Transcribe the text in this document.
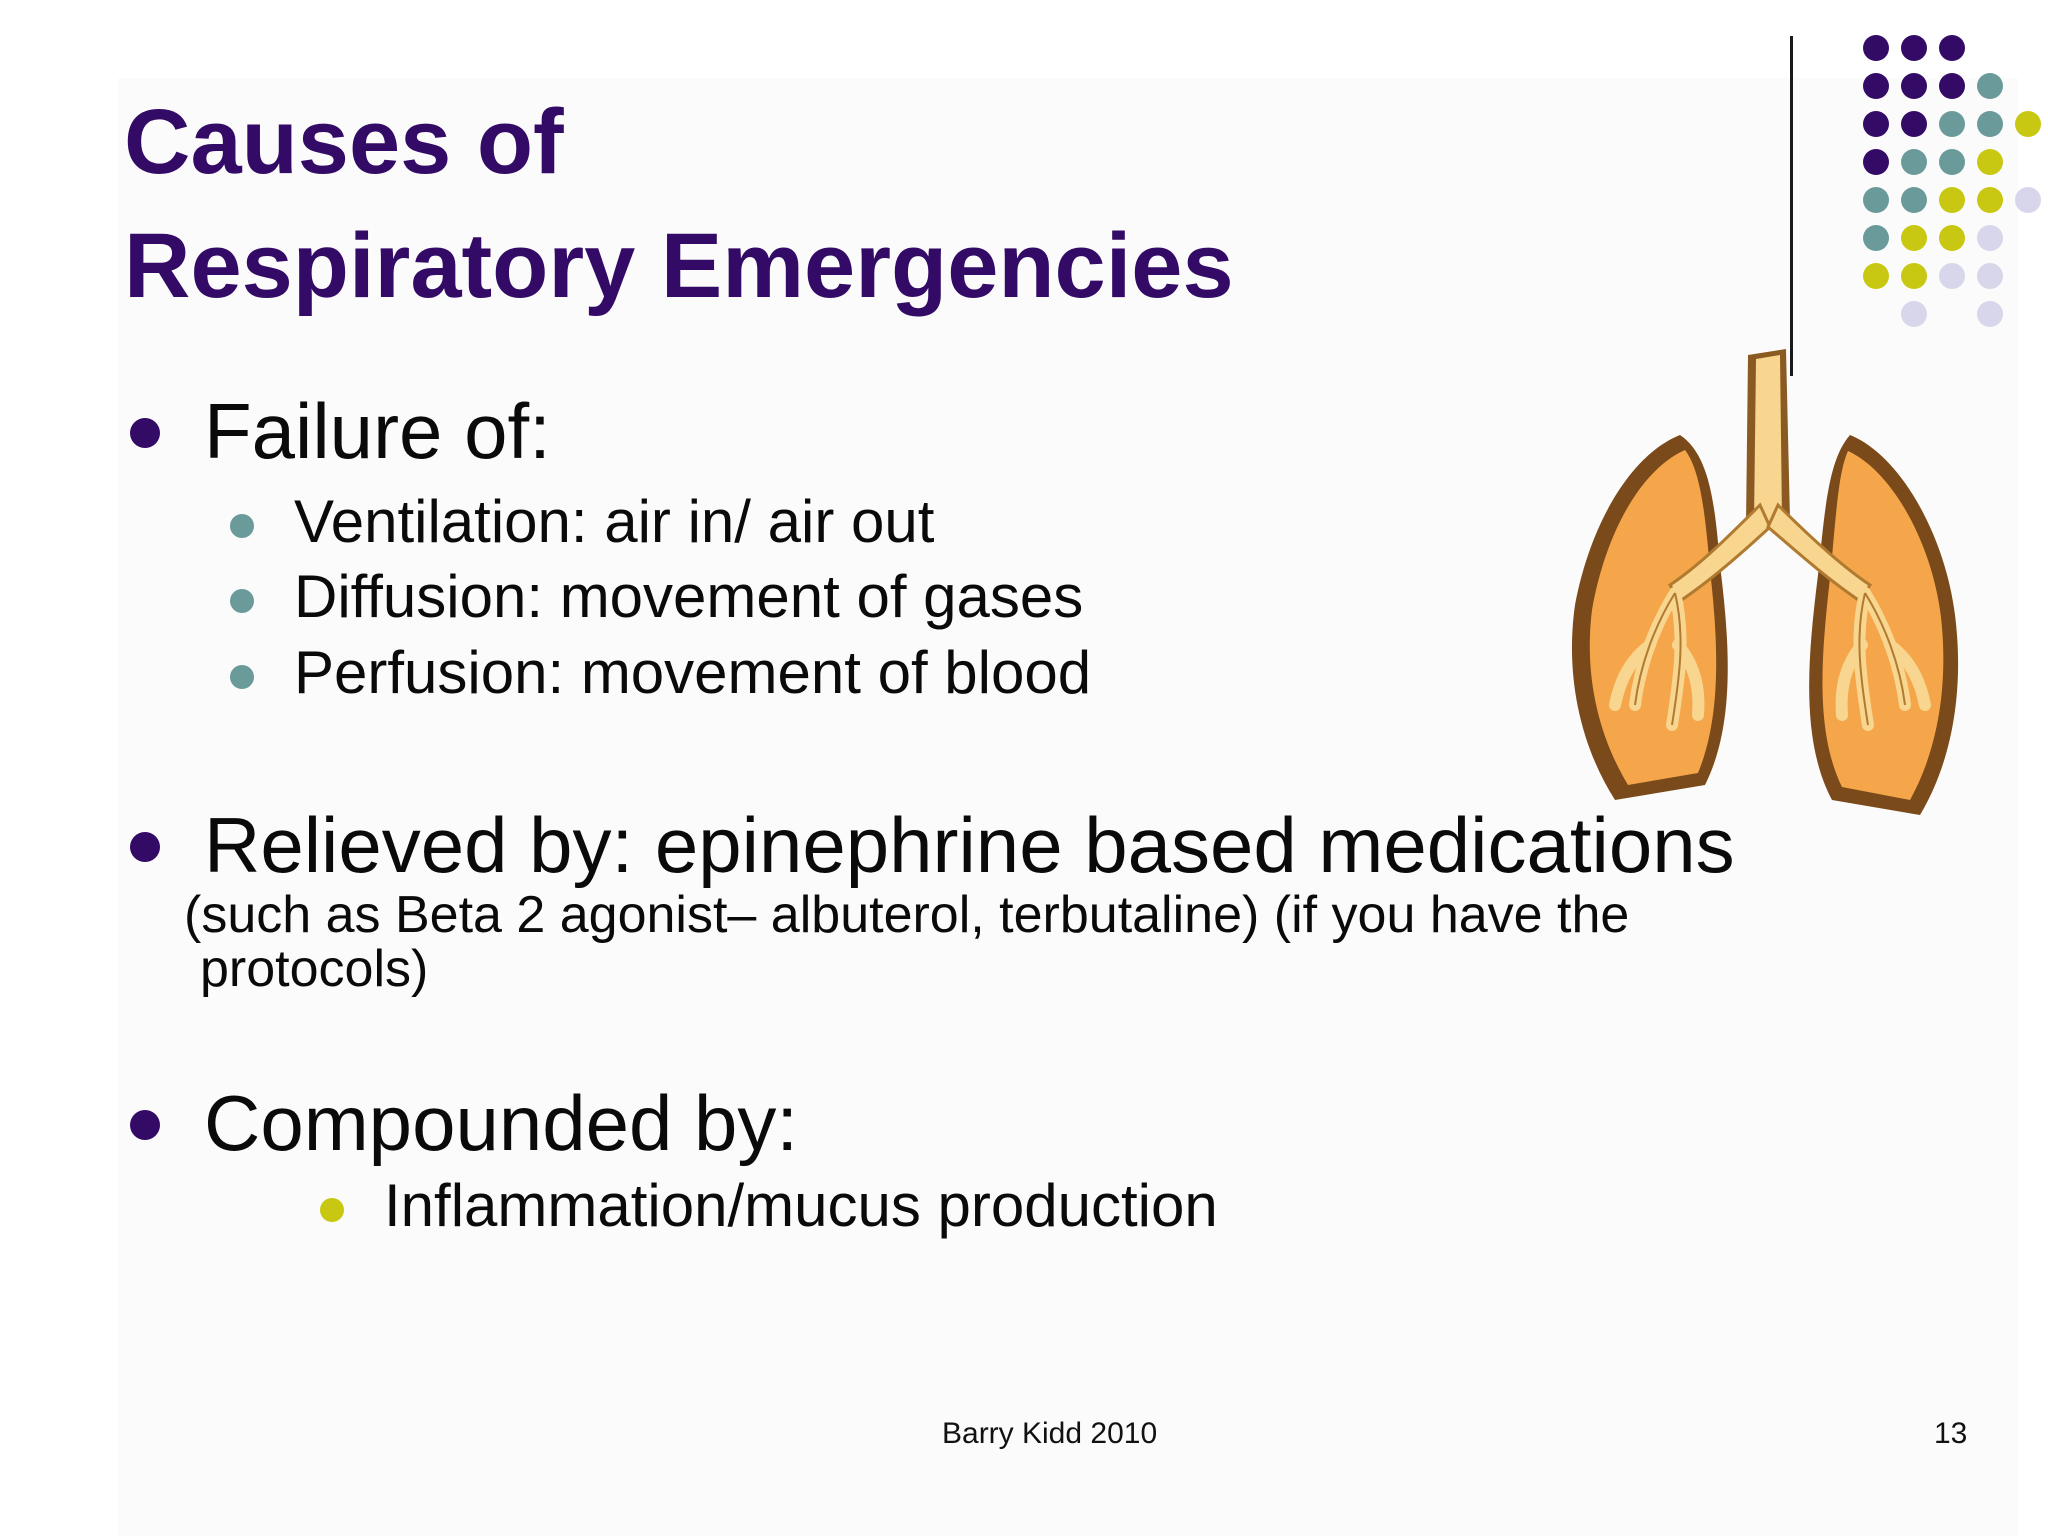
Causes of
Respiratory Emergencies
Failure of:
Ventilation: air in/ air out
Diffusion: movement of gases
Perfusion: movement of blood
Relieved by: epinephrine based medications

(such as Beta 2 agonist– albuterol, terbutaline) (if you have the
protocols)

Compounded by:
Inflammation/mucus production
Barry Kidd 2010	13
